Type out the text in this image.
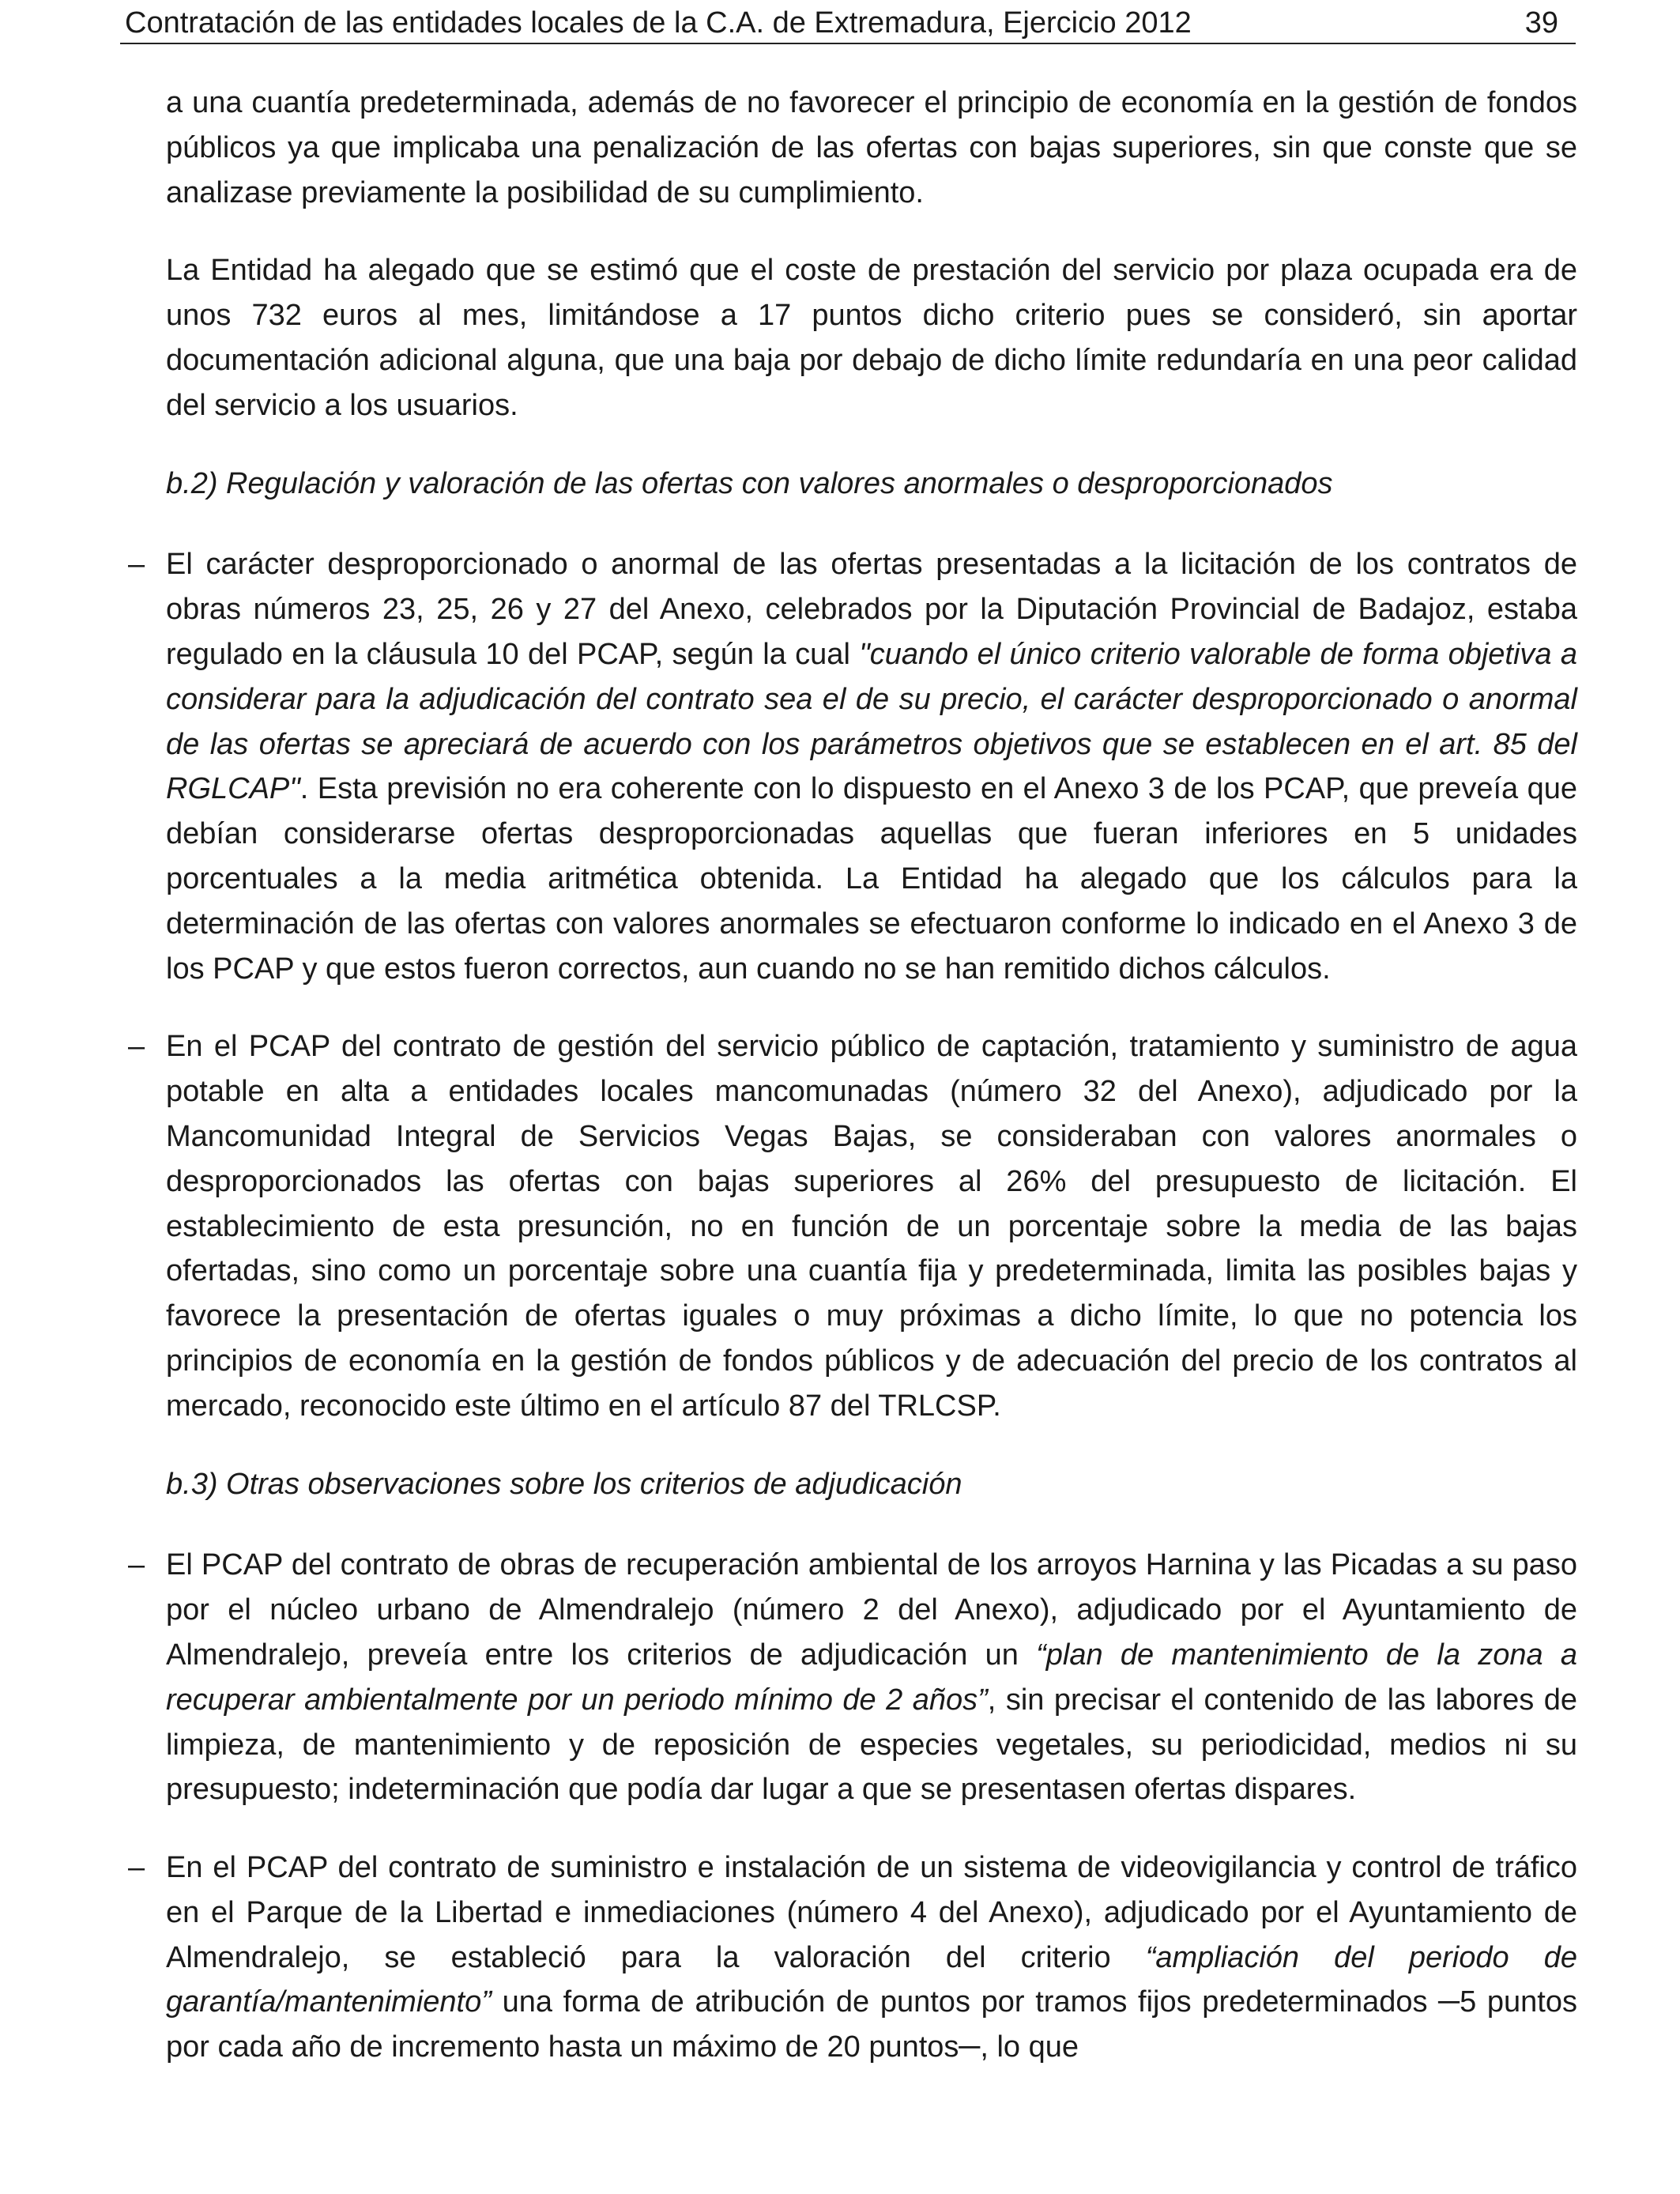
Contratación de las entidades locales de la C.A. de Extremadura, Ejercicio 2012	39

a una cuantía predeterminada, además de no favorecer el principio de economía en la gestión de fondos públicos ya que implicaba una penalización de las ofertas con bajas superiores, sin que conste que se analizase previamente la posibilidad de su cumplimiento.

La Entidad ha alegado que se estimó que el coste de prestación del servicio por plaza ocupada era de unos 732 euros al mes, limitándose a 17 puntos dicho criterio pues se consideró, sin aportar documentación adicional alguna, que una baja por debajo de dicho límite redundaría en una peor calidad del servicio a los usuarios.

b.2) Regulación y valoración de las ofertas con valores anormales o desproporcionados

– El carácter desproporcionado o anormal de las ofertas presentadas a la licitación de los contratos de obras números 23, 25, 26 y 27 del Anexo, celebrados por la Diputación Provincial de Badajoz, estaba regulado en la cláusula 10 del PCAP, según la cual "cuando el único criterio valorable de forma objetiva a considerar para la adjudicación del contrato sea el de su precio, el carácter desproporcionado o anormal de las ofertas se apreciará de acuerdo con los parámetros objetivos que se establecen en el art. 85 del RGLCAP". Esta previsión no era coherente con lo dispuesto en el Anexo 3 de los PCAP, que preveía que debían considerarse ofertas desproporcionadas aquellas que fueran inferiores en 5 unidades porcentuales a la media aritmética obtenida. La Entidad ha alegado que los cálculos para la determinación de las ofertas con valores anormales se efectuaron conforme lo indicado en el Anexo 3 de los PCAP y que estos fueron correctos, aun cuando no se han remitido dichos cálculos.
– En el PCAP del contrato de gestión del servicio público de captación, tratamiento y suministro de agua potable en alta a entidades locales mancomunadas (número 32 del Anexo), adjudicado por la Mancomunidad Integral de Servicios Vegas Bajas, se consideraban con valores anormales o desproporcionados las ofertas con bajas superiores al 26% del presupuesto de licitación. El establecimiento de esta presunción, no en función de un porcentaje sobre la media de las bajas ofertadas, sino como un porcentaje sobre una cuantía fija y predeterminada, limita las posibles bajas y favorece la presentación de ofertas iguales o muy próximas a dicho límite, lo que no potencia los principios de economía en la gestión de fondos públicos y de adecuación del precio de los contratos al mercado, reconocido este último en el artículo 87 del TRLCSP.

b.3) Otras observaciones sobre los criterios de adjudicación

– El PCAP del contrato de obras de recuperación ambiental de los arroyos Harnina y las Picadas a su paso por el núcleo urbano de Almendralejo (número 2 del Anexo), adjudicado por el Ayuntamiento de Almendralejo, preveía entre los criterios de adjudicación un “plan de mantenimiento de la zona a recuperar ambientalmente por un periodo mínimo de 2 años”, sin precisar el contenido de las labores de limpieza, de mantenimiento y de reposición de especies vegetales, su periodicidad, medios ni su presupuesto; indeterminación que podía dar lugar a que se presentasen ofertas dispares.
– En el PCAP del contrato de suministro e instalación de un sistema de videovigilancia y control de tráfico en el Parque de la Libertad e inmediaciones (número 4 del Anexo), adjudicado por el Ayuntamiento de Almendralejo, se estableció para la valoración del criterio “ampliación del periodo de garantía/mantenimiento” una forma de atribución de puntos por tramos fijos predeterminados ─5 puntos por cada año de incremento hasta un máximo de 20 puntos─, lo que
